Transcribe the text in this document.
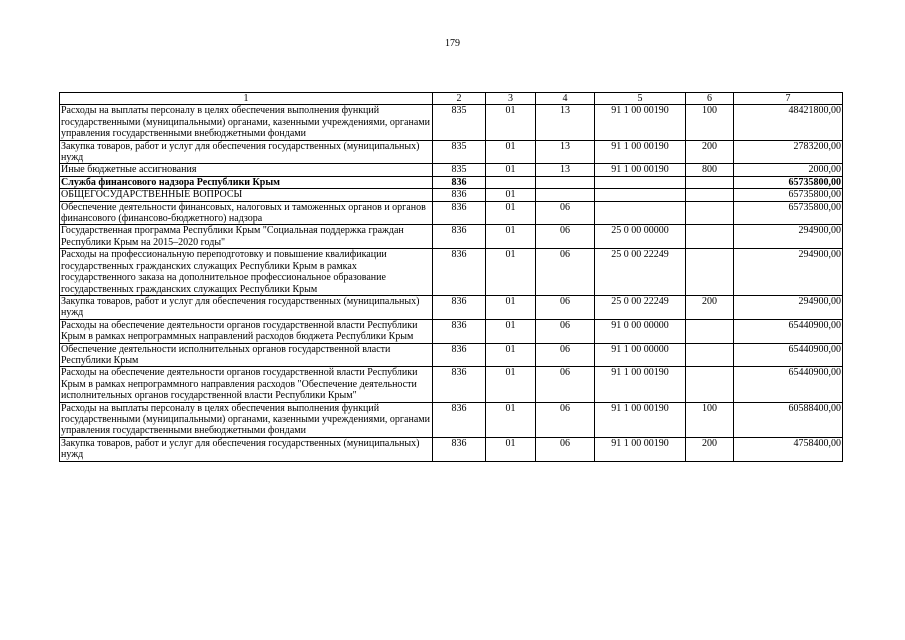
179
1	2	3	4	5	6	7
Расходы на выплаты персоналу в целях обеспечения выполнения функций государственными (муниципальными) органами, казенными учреждениями, органами управления государственными внебюджетными фондами	835	01	13	91 1 00 00190	100	48421800,00
Закупка товаров, работ и услуг для обеспечения государственных (муниципальных) нужд	835	01	13	91 1 00 00190	200	2783200,00
Иные бюджетные ассигнования	835	01	13	91 1 00 00190	800	2000,00
Служба финансового надзора Республики Крым	836					65735800,00
ОБЩЕГОСУДАРСТВЕННЫЕ ВОПРОСЫ	836	01				65735800,00
Обеспечение деятельности финансовых, налоговых и таможенных органов и органов финансового (финансово-бюджетного) надзора	836	01	06			65735800,00
Государственная программа Республики Крым "Социальная поддержка граждан Республики Крым на 2015–2020 годы"	836	01	06	25 0 00 00000		294900,00
Расходы на профессиональную переподготовку и повышение квалификации государственных гражданских служащих Республики Крым в рамках государственного заказа на дополнительное профессиональное образование государственных гражданских служащих Республики Крым	836	01	06	25 0 00 22249		294900,00
Закупка товаров, работ и услуг для обеспечения государственных (муниципальных) нужд	836	01	06	25 0 00 22249	200	294900,00
Расходы на обеспечение деятельности органов государственной власти Республики Крым в рамках непрограммных направлений расходов бюджета Республики Крым	836	01	06	91 0 00 00000		65440900,00
Обеспечение деятельности исполнительных органов государственной власти Республики Крым	836	01	06	91 1 00 00000		65440900,00
Расходы на обеспечение деятельности органов государственной власти Республики Крым в рамках непрограммного направления расходов "Обеспечение деятельности исполнительных органов государственной власти Республики Крым"	836	01	06	91 1 00 00190		65440900,00
Расходы на выплаты персоналу в целях обеспечения выполнения функций государственными (муниципальными) органами, казенными учреждениями, органами управления государственными внебюджетными фондами	836	01	06	91 1 00 00190	100	60588400,00
Закупка товаров, работ и услуг для обеспечения государственных (муниципальных) нужд	836	01	06	91 1 00 00190	200	4758400,00
